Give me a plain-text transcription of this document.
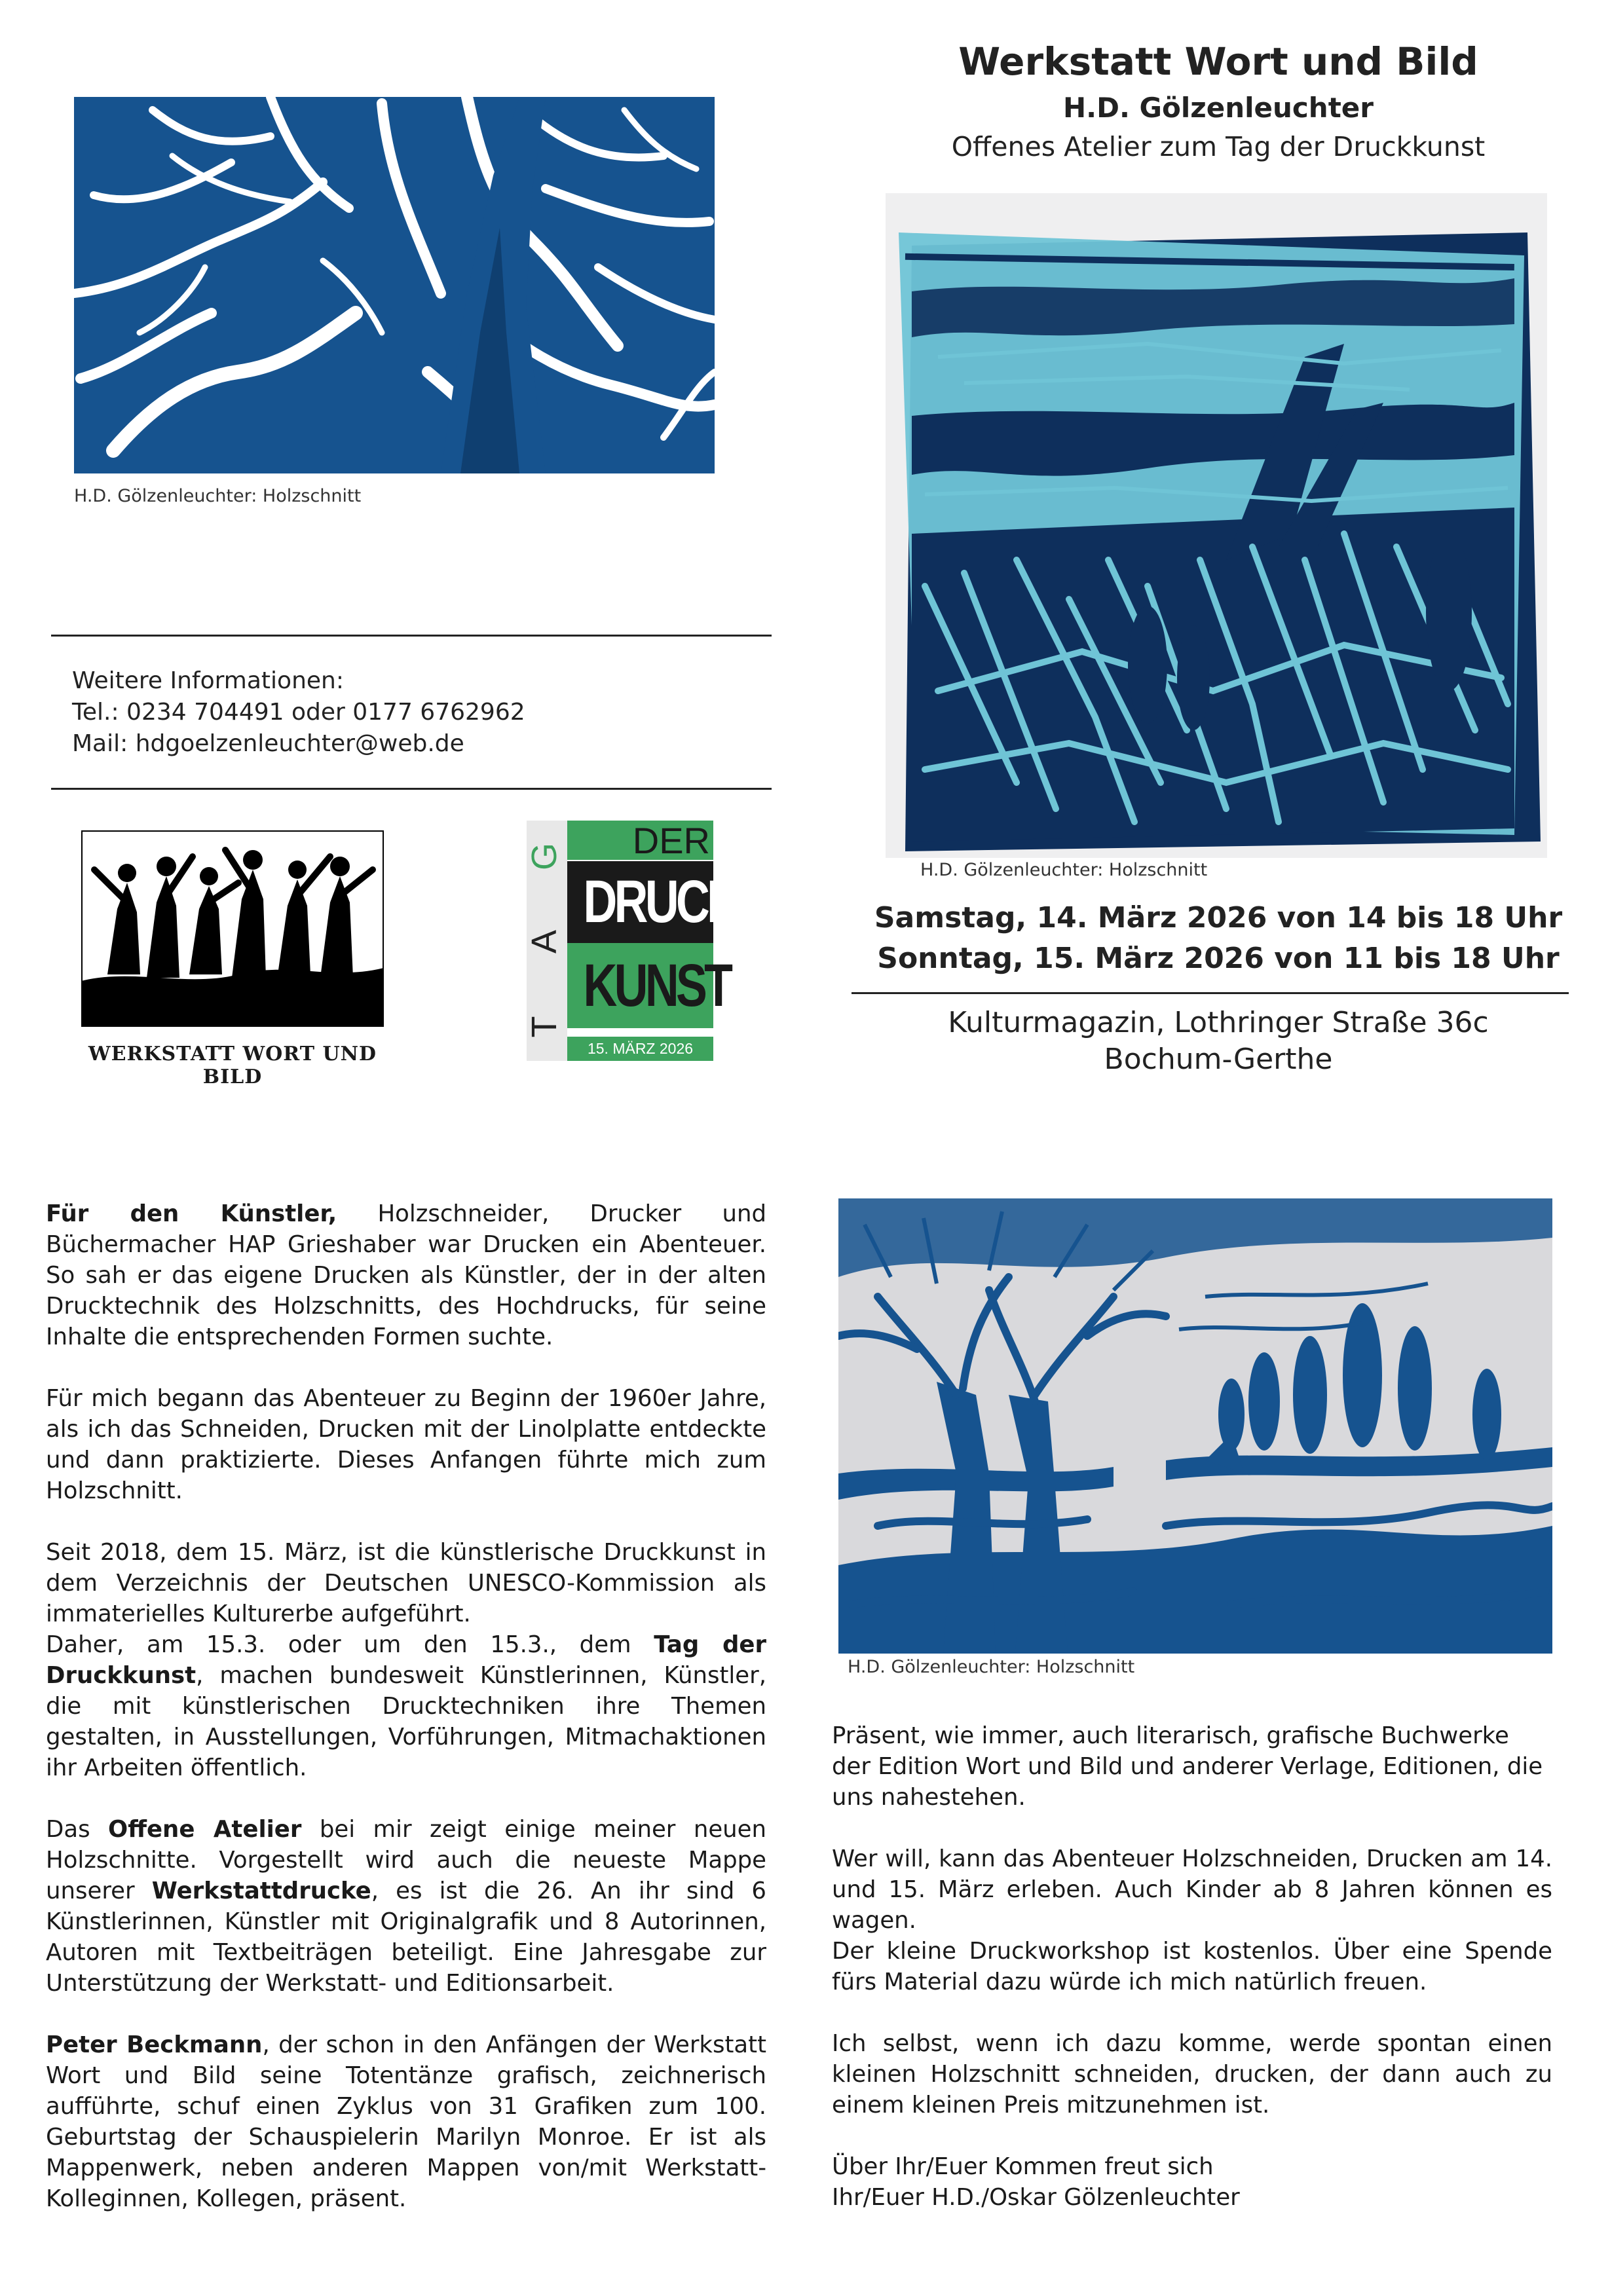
H.D. Gölzenleuchter: Holzschnitt
Werkstatt Wort und Bild
H.D. Gölzenleuchter
Offenes Atelier zum Tag der Druckkunst
H.D. Gölzenleuchter: Holzschnitt
Samstag, 14. März 2026 von 14 bis 18 Uhr
Sonntag, 15. März 2026 von 11 bis 18 Uhr
Kulturmagazin, Lothringer Straße 36c
Bochum-Gerthe
Weitere Informationen:
Tel.: 0234 704491 oder 0177 6762962
Mail: hdgoelzenleuchter@web.de
WERKSTATT WORT UND BILD
G
A
T
DER
DRUCK
KUNST
15. MÄRZ 2026

Für den Künstler, Holzschneider, Drucker und Büchermacher HAP Grieshaber war Drucken ein Abenteuer. So sah er das eigene Drucken als Künstler, der in der alten Drucktechnik des Holzschnitts, des Hochdrucks, für seine Inhalte die entsprechenden Formen suchte.

Für mich begann das Abenteuer zu Beginn der 1960er Jahre, als ich das Schneiden, Drucken mit der Linolplatte entdeckte und dann praktizierte. Dieses Anfangen führte mich zum Holzschnitt.

Seit 2018, dem 15. März, ist die künstlerische Druckkunst in dem Verzeichnis der Deutschen UNESCO-Kommission als immaterielles Kulturerbe aufgeführt.

Daher, am 15.3. oder um den 15.3., dem Tag der Druckkunst, machen bundesweit Künstlerinnen, Künstler, die mit künstlerischen Drucktechniken ihre Themen gestalten, in Ausstellungen, Vorführungen, Mitmachaktionen ihr Arbeiten öffentlich.

Das Offene Atelier bei mir zeigt einige meiner neuen Holzschnitte. Vorgestellt wird auch die neueste Mappe unserer Werkstattdrucke, es ist die 26. An ihr sind 6 Künstlerinnen, Künstler mit Originalgrafik und 8 Autorinnen, Autoren mit Textbeiträgen beteiligt. Eine Jahresgabe zur Unterstützung der Werkstatt- und Editionsarbeit.

Peter Beckmann, der schon in den Anfängen der Werkstatt Wort und Bild seine Totentänze grafisch, zeichnerisch aufführte, schuf einen Zyklus von 31 Grafiken zum 100. Geburtstag der Schauspielerin Marilyn Monroe. Er ist als Mappenwerk, neben anderen Mappen von/mit Werkstatt-Kolleginnen, Kollegen, präsent.

H.D. Gölzenleuchter: Holzschnitt

Präsent, wie immer, auch literarisch, grafische Buchwerke der Edition Wort und Bild und anderer Verlage, Editionen, die uns nahestehen.

Wer will, kann das Abenteuer Holzschneiden, Drucken am 14. und 15. März erleben. Auch Kinder ab 8 Jahren können es wagen.

Der kleine Druckworkshop ist kostenlos. Über eine Spende fürs Material dazu würde ich mich natürlich freuen.

Ich selbst, wenn ich dazu komme, werde spontan einen kleinen Holzschnitt schneiden, drucken, der dann auch zu einem kleinen Preis mitzunehmen ist.

Über Ihr/Euer Kommen freut sich

Ihr/Euer H.D./Oskar Gölzenleuchter
